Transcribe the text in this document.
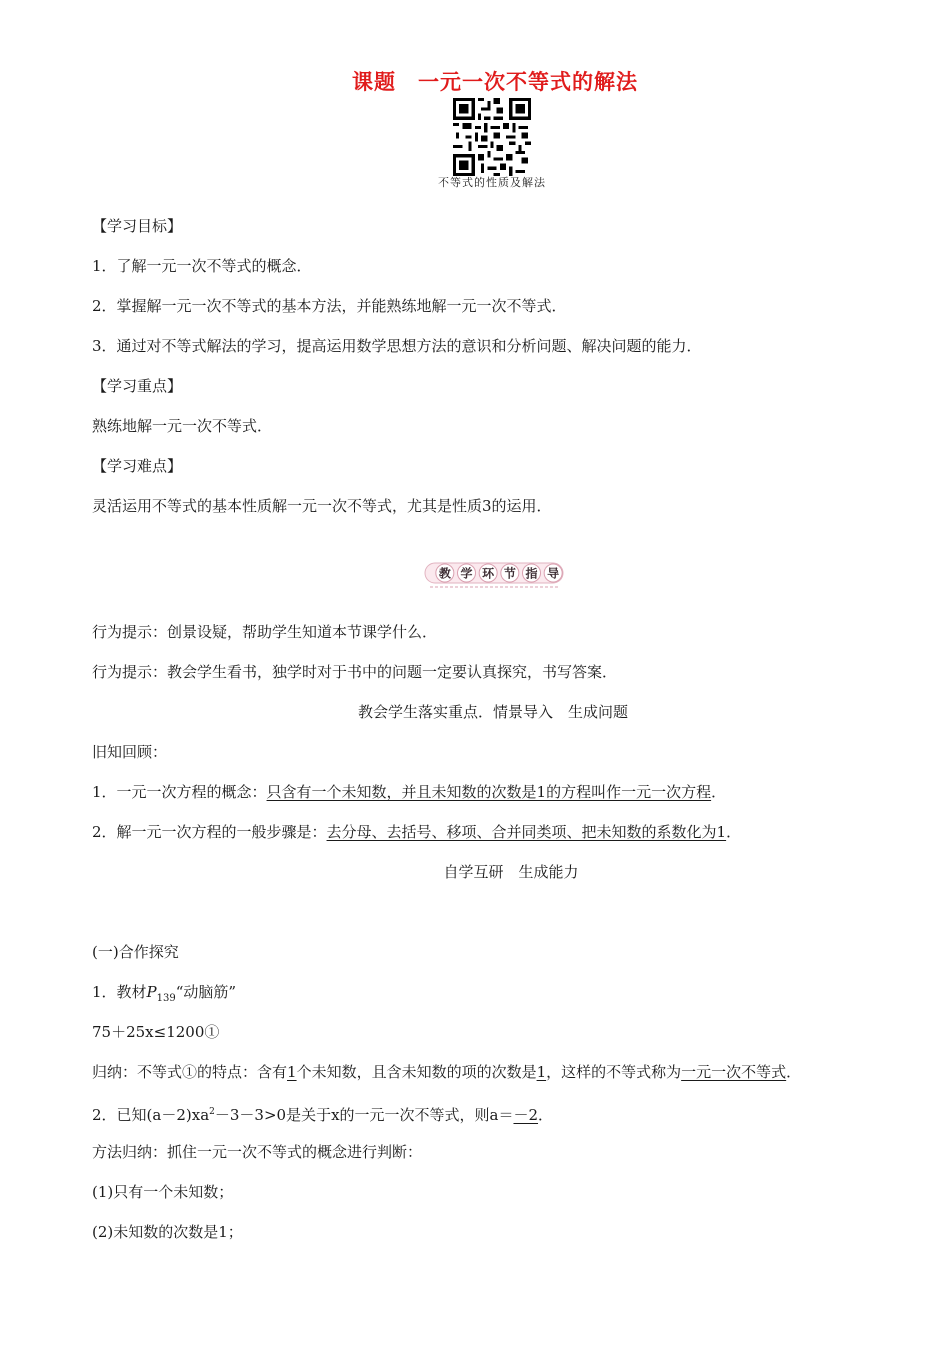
课题　一元一次不等式的解法
不等式的性质及解法
【学习目标】
1．了解一元一次不等式的概念．
2．掌握解一元一次不等式的基本方法，并能熟练地解一元一次不等式．
3．通过对不等式解法的学习，提高运用数学思想方法的意识和分析问题、解决问题的能力．
【学习重点】
熟练地解一元一次不等式．
【学习难点】
灵活运用不等式的基本性质解一元一次不等式，尤其是性质3的运用．
教 学 环 节 指 导
行为提示：创景设疑，帮助学生知道本节课学什么．
行为提示：教会学生看书，独学时对于书中的问题一定要认真探究，书写答案．
教会学生落实重点．情景导入　生成问题
旧知回顾：
1．一元一次方程的概念：只含有一个未知数，并且未知数的次数是1的方程叫作一元一次方程．
2．解一元一次方程的一般步骤是：去分母、去括号、移项、合并同类项、把未知数的系数化为1．
自学互研　生成能力
(一)合作探究
1．教材$P_{139}“$动脑筋”
75＋25x≤1200①
归纳：不等式①的特点：含有1个未知数，且含未知数的项的次数是1，这样的不等式称为一元一次不等式．
2．已知$(a-2)xa^2-3-3>0$是关于x的一元一次不等式，则a＝－2．
方法归纳：抓住一元一次不等式的概念进行判断：
(1)只有一个未知数；
(2)未知数的次数是1；
